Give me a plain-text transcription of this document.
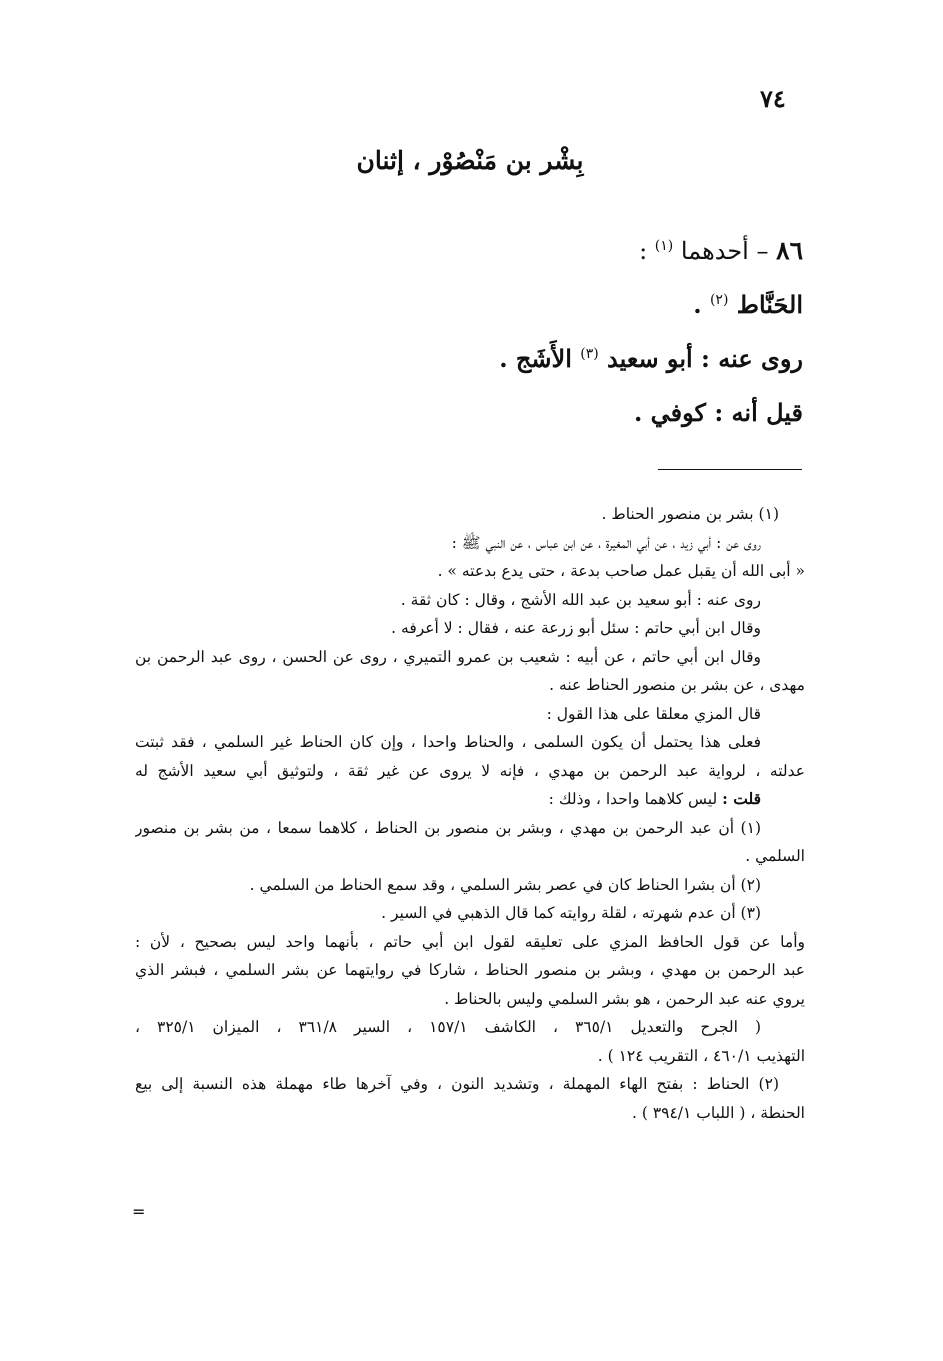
٧٤
بِشْر بن مَنْصُوْر ، إثنان
٨٦ – أحدهما $^{(١)}$ :
الحَنَّاط $^{(٢)}$ .
روى عنه : أبو سعيد $^{(٣)}$ الأَشَج .
قيل أنه : كوفي .
(١) بشر بن منصور الحناط .
روى عن : أبي زيد ، عن أبي المغيرة ، عن ابن عباس ، عن النبي ﷺ :
« أبى الله أن يقبل عمل صاحب بدعة ، حتى يدع بدعته » .
روى عنه : أبو سعيد بن عبد الله الأشج ، وقال : كان ثقة .
وقال ابن أبي حاتم : سئل أبو زرعة عنه ، فقال : لا أعرفه .
وقال ابن أبي حاتم ، عن أبيه : شعيب بن عمرو التميري ، روى عن الحسن ، روى عبد الرحمن بن
مهدى ، عن بشر بن منصور الحناط عنه .
قال المزي معلقا على هذا القول :
فعلى هذا يحتمل أن يكون السلمى ، والحناط واحدا ، وإن كان الحناط غير السلمي ، فقد ثبتت
عدلته ، لرواية عبد الرحمن بن مهدي ، فإنه لا يروى عن غير ثقة ، ولتوثيق أبي سعيد الأشج له
قلت : ليس كلاهما واحدا ، وذلك :
(١) أن عبد الرحمن بن مهدي ، وبشر بن منصور بن الحناط ، كلاهما سمعا ، من بشر بن منصور
السلمي .
(٢) أن بشرا الحناط كان في عصر بشر السلمي ، وقد سمع الحناط من السلمي .
(٣) أن عدم شهرته ، لقلة روايته كما قال الذهبي في السير .
وأما عن قول الحافظ المزي على تعليقه لقول ابن أبي حاتم ، بأنهما واحد ليس بصحيح ، لأن :
عبد الرحمن بن مهدي ، وبشر بن منصور الحناط ، شاركا في روايتهما عن بشر السلمي ، فبشر الذي
يروي عنه عبد الرحمن ، هو بشر السلمي وليس بالحناط .
( الجرح والتعديل ٣٦٥/١ ، الكاشف ١٥٧/١ ، السير ٣٦١/٨ ، الميزان ٣٢٥/١ ،
التهذيب ٤٦٠/١ ، التقريب ١٢٤ ) .
(٢) الحناط : بفتح الهاء المهملة ، وتشديد النون ، وفي آخرها طاء مهملة هذه النسبة إلى بيع
الحنطة ، ( اللباب ٣٩٤/١ ) .
=
